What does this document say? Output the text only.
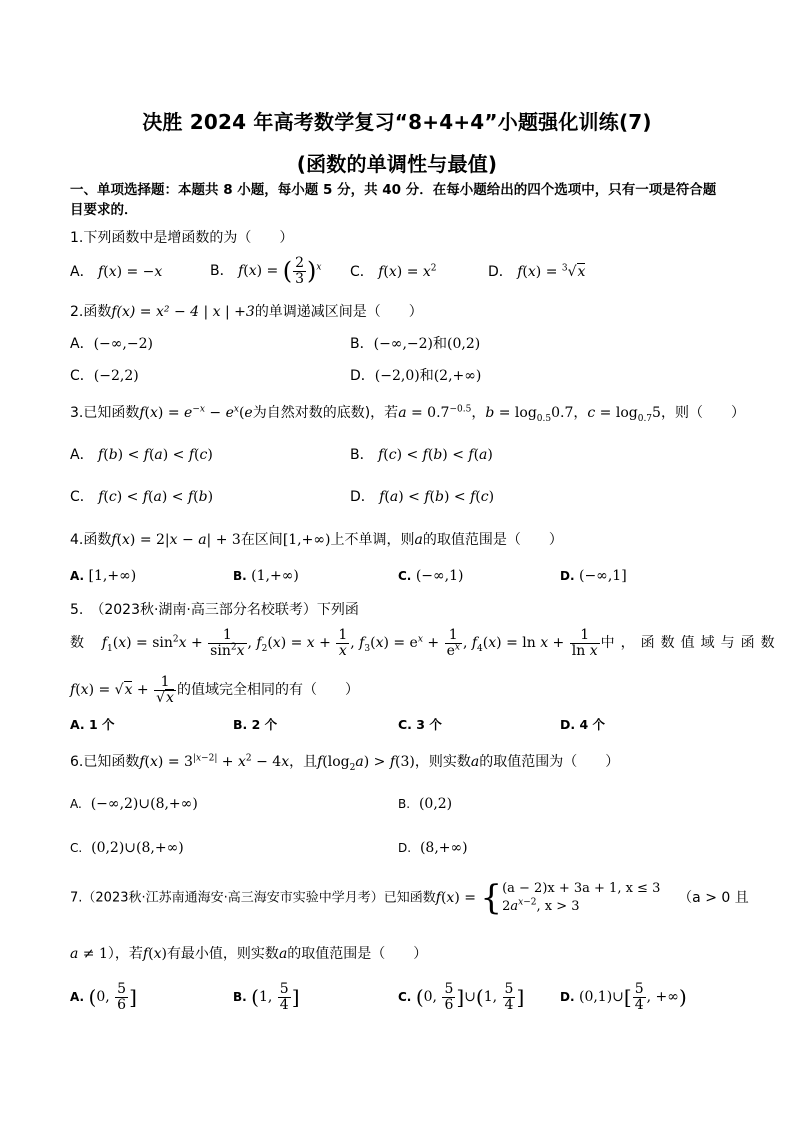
决胜 2024 年高考数学复习“8+4+4”小题强化训练(7)
(函数的单调性与最值)
一、单项选择题：本题共 8 小题，每小题 5 分，共 40 分．在每小题给出的四个选项中，只有一项是符合题
目要求的．
1.下列函数中是增函数的为（　　）
A． f(x) = −x	B． f(x) = ( $\frac{2}{3} )^x$ C． $f(x) = x^2$	D． f(x) = $^3$√x
2.函数f(x) = x² − 4 | x | +3的单调递减区间是（　　）
A．(−∞,−2)	B．(−∞,−2)和(0,2)
C．(−2,2)	D．(−2,0)和(2,+∞)
3.已知函数$f(x) = e^{-x} - e^x(e$为自然对数的底数)，若$a = 0.7^{-0.5}$，$b = \log_{0.5}0.7$，$c = \log_{0.7}5$，则（　　）
A． f(b) < f(a) < f(c)	B． f(c) < f(b) < f(a)
C． f(c) < f(a) < f(b)	D． f(a) < f(b) < f(c)
4.函数f(x) = 2|x − a| + 3在区间[1,+∞)上不单调，则a的取值范围是（　　）
A. [1,+∞)	B. (1,+∞)	C. (−∞,1)	D. (−∞,1]
5.　（2023秋·湖南·高三部分名校联考）下列函
数 $f_1(x) = \sin^2x + \frac{1}{\sin^2x}$ , $f_2(x) = x + \frac{1}{x}$ , $f_3(x) = e^x + \frac{1}{e^x}$ , $f_4(x) = \ln x + \frac{1}{\text{ln x}}$ 中，函数值域与函数
$f(x) = √x + \frac{1}{√x}$ 的值域完全相同的有（　　）
A. 1 个	B. 2 个	C. 3 个	D. 4 个
6.已知函数$f(x) = 3^{|x-2|} + x^2 - 4x$，且$f(\log_2a) > f(3)$，则实数a的取值范围为（　　）
A.  (−∞,2)∪(8,+∞)	B. (0,2)
C.  (0,2)∪(8,+∞)	D. (8,+∞)
7.（2023秋·江苏南通海安·高三海安市实验中学月考）已知函数f(x) = {(a − 2)x + 3a + 1, x ≤ 3
$2a^{x-2}$, x > 3    （a > 0 且
a ≠ 1），若f(x)有最小值，则实数a的取值范围是（　　）
A. (0, $\frac{5}{6}$ ]	B. (1, $\frac{5}{4}$ ]	C. (0, $\frac{5}{6}$ ]∪(1, $\frac{5}{4}$ ]	D. (0,1)∪[ $\frac{5}{4}$ , +∞)
